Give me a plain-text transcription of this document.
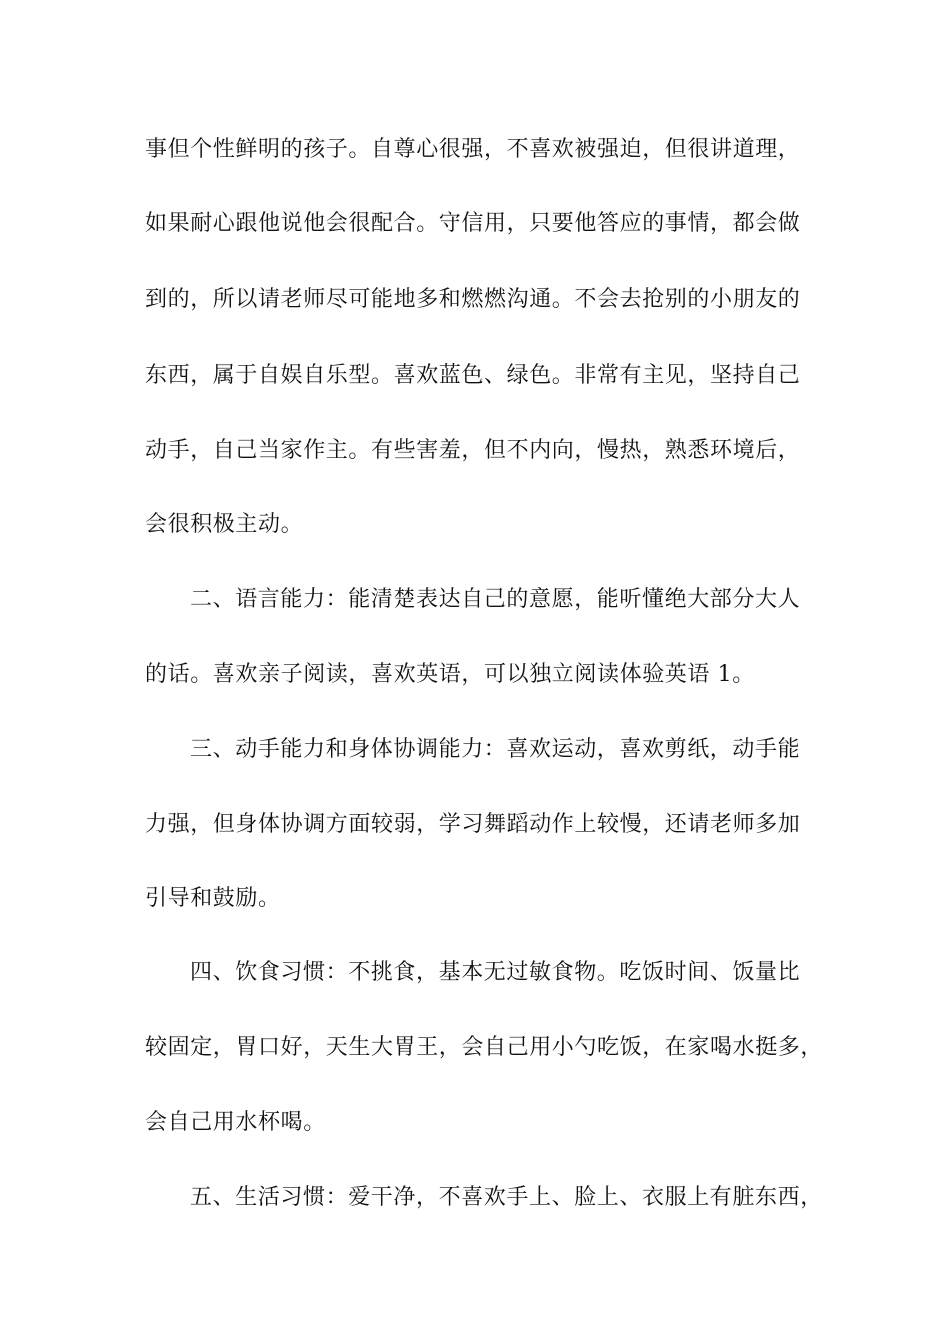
事但个性鲜明的孩子。自尊心很强，不喜欢被强迫，但很讲道理，
如果耐心跟他说他会很配合。守信用，只要他答应的事情，都会做
到的，所以请老师尽可能地多和燃燃沟通。不会去抢别的小朋友的
东西，属于自娱自乐型。喜欢蓝色、绿色。非常有主见，坚持自己
动手，自己当家作主。有些害羞，但不内向，慢热，熟悉环境后，
会很积极主动。
二、语言能力：能清楚表达自己的意愿，能听懂绝大部分大人
的话。喜欢亲子阅读，喜欢英语，可以独立阅读体验英语 1。
三、动手能力和身体协调能力：喜欢运动，喜欢剪纸，动手能
力强，但身体协调方面较弱，学习舞蹈动作上较慢，还请老师多加
引导和鼓励。
四、饮食习惯：不挑食，基本无过敏食物。吃饭时间、饭量比
较固定，胃口好，天生大胃王，会自己用小勺吃饭，在家喝水挺多，
会自己用水杯喝。
五、生活习惯：爱干净，不喜欢手上、脸上、衣服上有脏东西，
